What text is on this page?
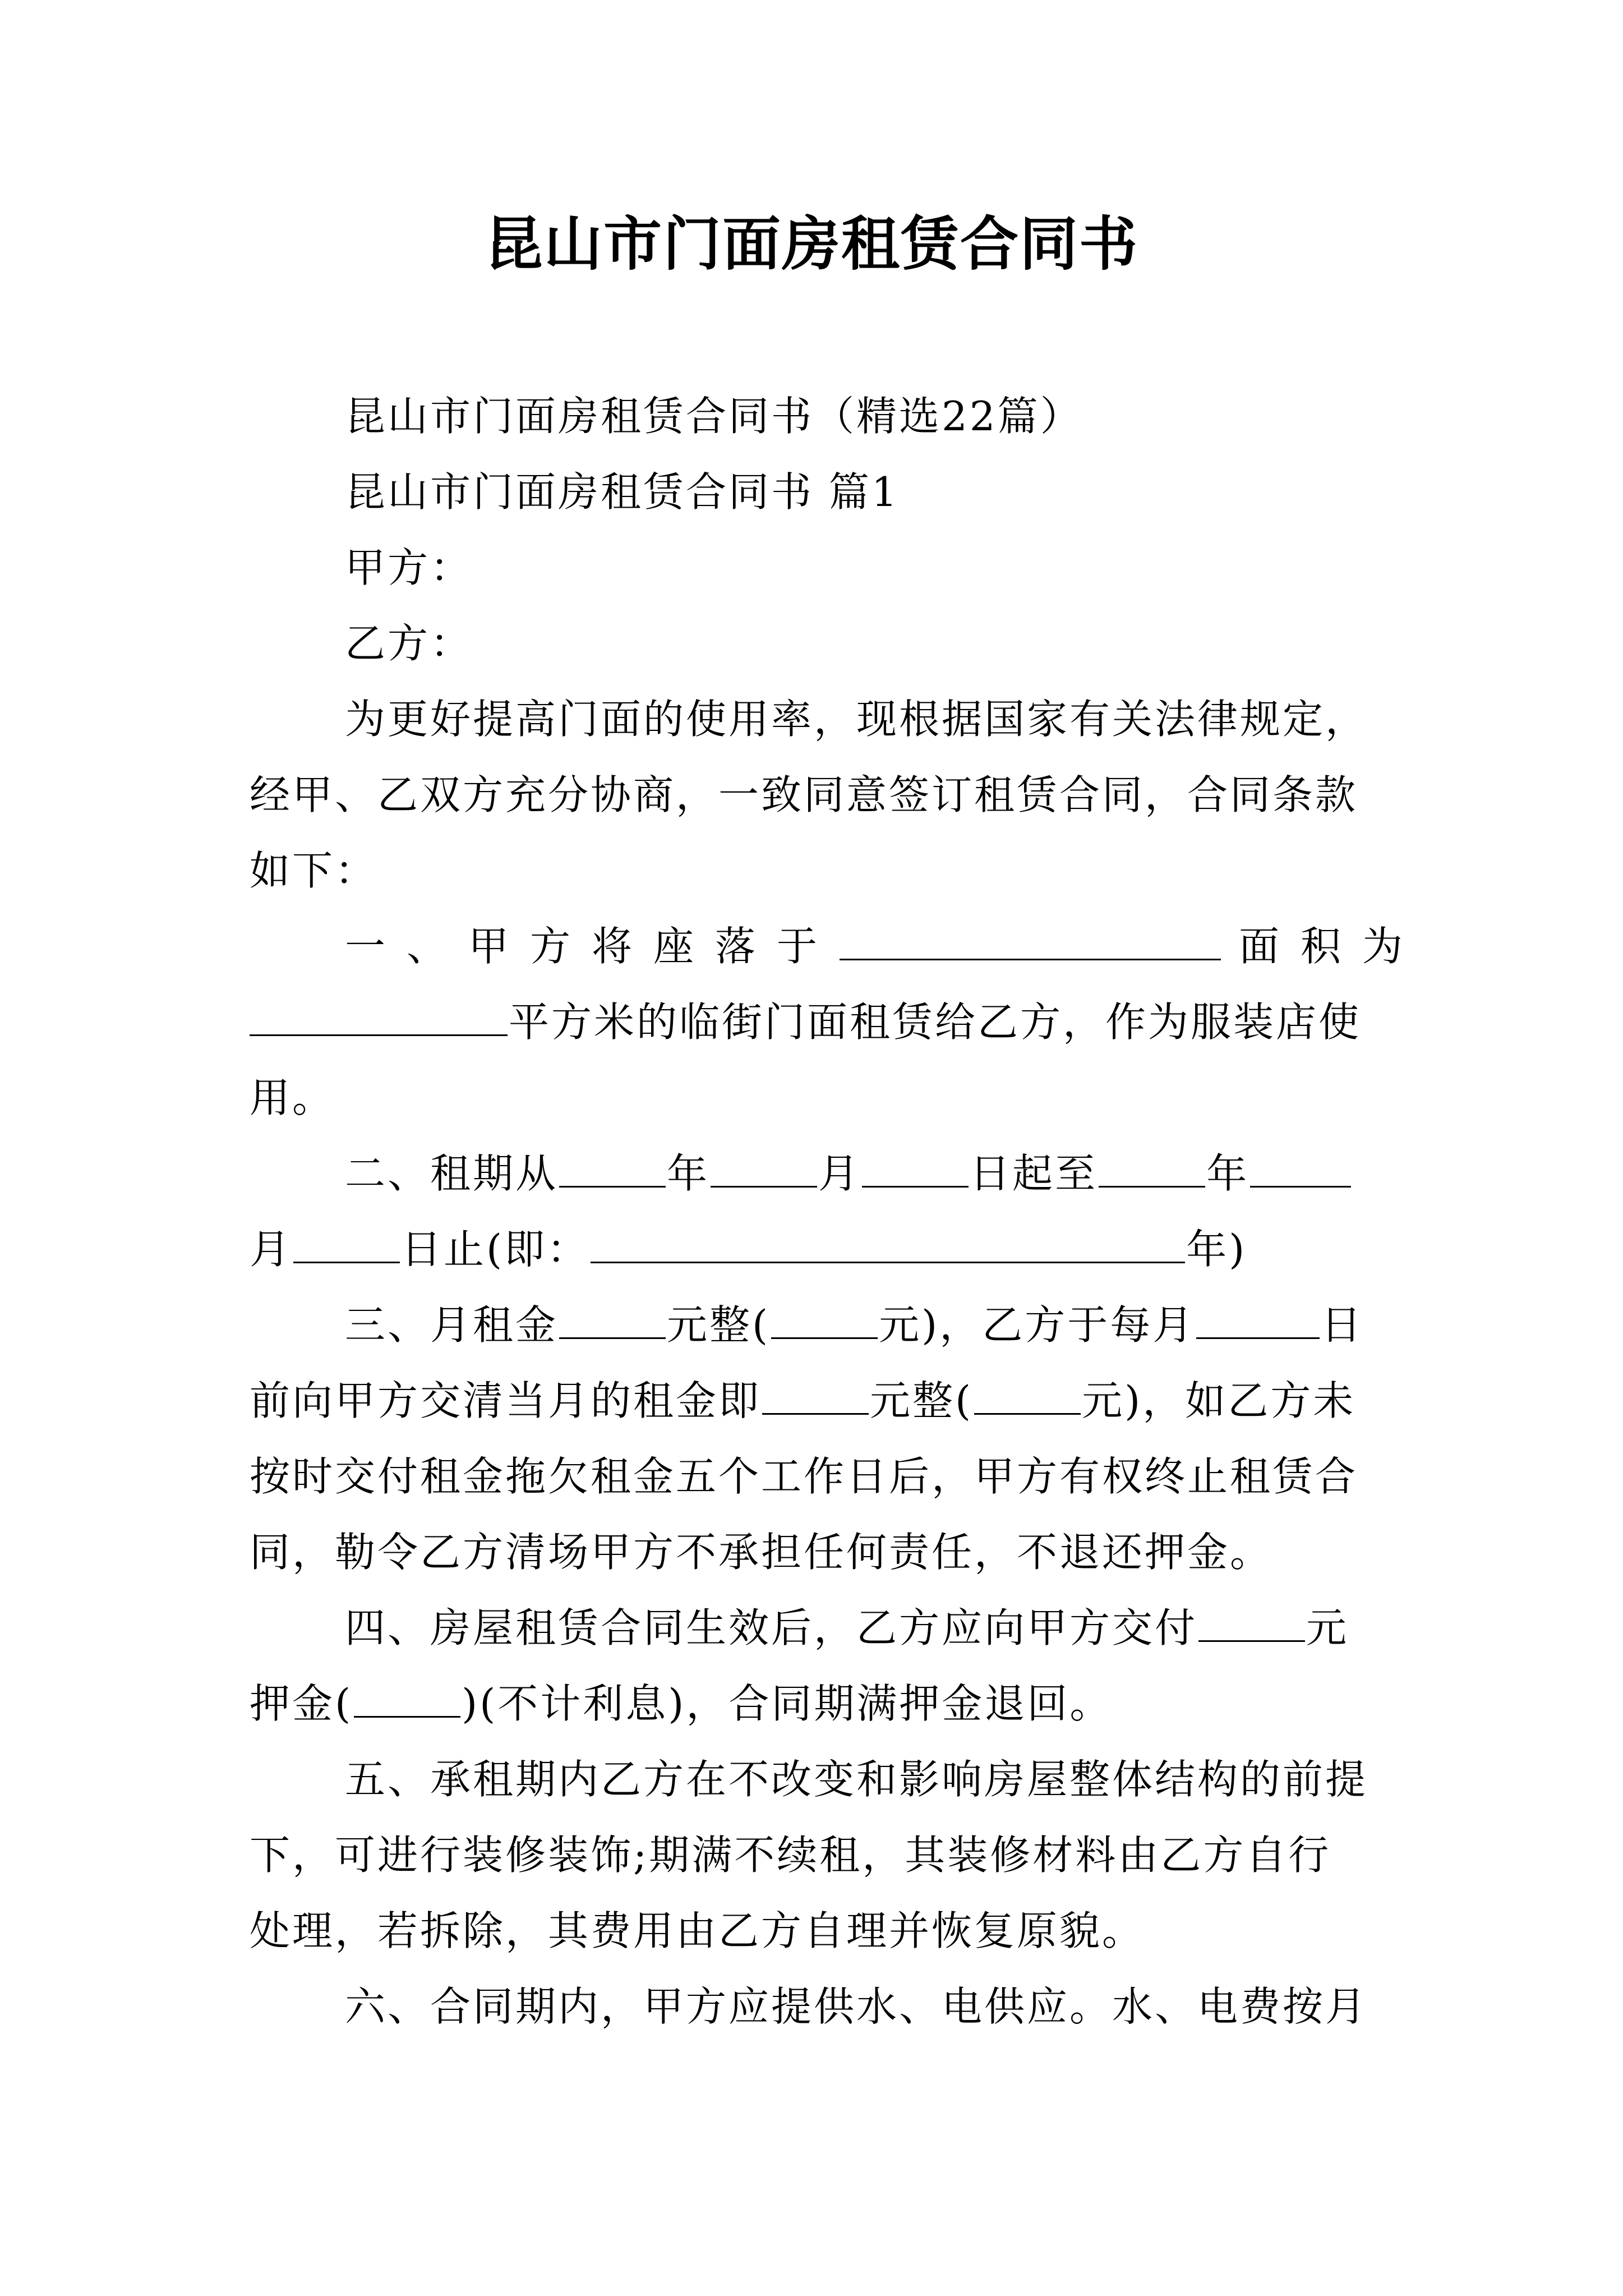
昆山市门面房租赁合同书
昆山市门面房租赁合同书（精选22篇）
昆山市门面房租赁合同书 篇1
甲方：
乙方：
为更好提高门面的使用率，现根据国家有关法律规定，
经甲、乙双方充分协商，一致同意签订租赁合同，合同条款
如下：
一、甲方将座落于	面积为
平方米的临街门面租赁给乙方，作为服装店使
用。
二、租期从	年	月	日起至	年
月	日止(即：	年)
三、月租金	元整(	元)，乙方于每月	日
前向甲方交清当月的租金即	元整(	元)，如乙方未
按时交付租金拖欠租金五个工作日后，甲方有权终止租赁合
同，勒令乙方清场甲方不承担任何责任，不退还押金。
四、房屋租赁合同生效后，乙方应向甲方交付	元
押金(	)(不计利息)，合同期满押金退回。
五、承租期内乙方在不改变和影响房屋整体结构的前提
下，可进行装修装饰;期满不续租，其装修材料由乙方自行
处理，若拆除，其费用由乙方自理并恢复原貌。
六、合同期内，甲方应提供水、电供应。水、电费按月
